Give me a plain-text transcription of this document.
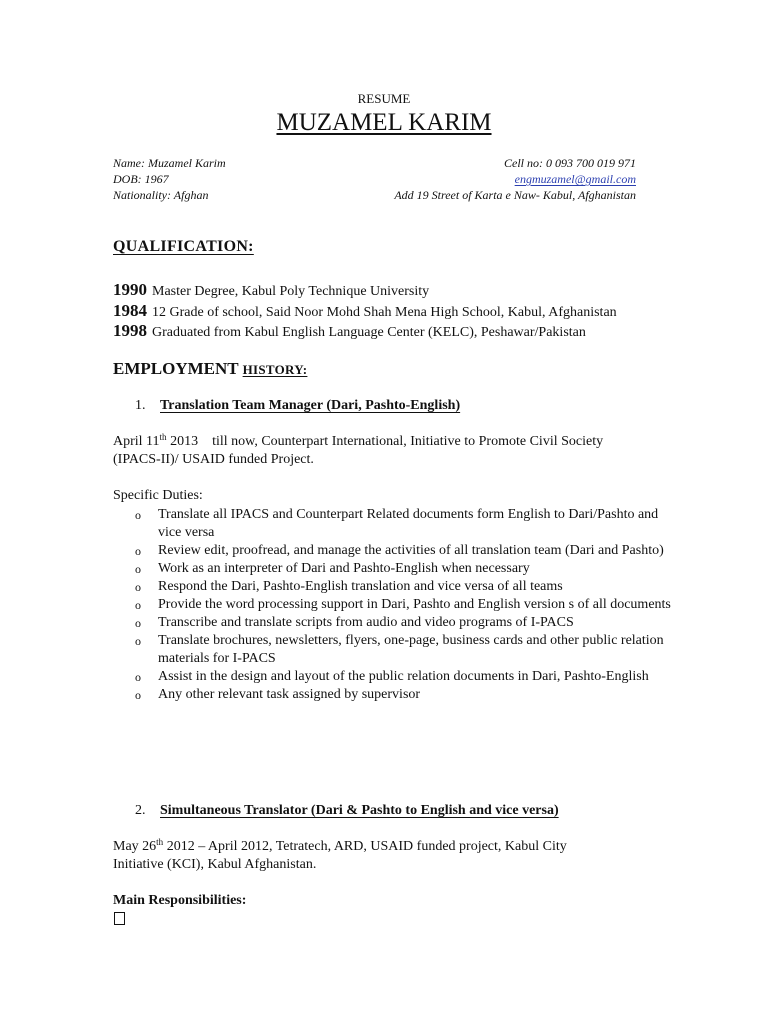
RESUME
MUZAMEL KARIM
Name: Muzamel Karim
DOB: 1967
Nationality: Afghan
Cell no: 0 093 700 019 971
engmuzamel@gmail.com
Add 19 Street of Karta e Naw- Kabul, Afghanistan
QUALIFICATION:
1990 Master Degree, Kabul Poly Technique University
1984 12 Grade of school, Said Noor Mohd Shah Mena High School, Kabul, Afghanistan
1998 Graduated from Kabul English Language Center (KELC), Peshawar/Pakistan
EMPLOYMENT HISTORY:
1. Translation Team Manager (Dari, Pashto-English)
April 11th 2013    till now, Counterpart International, Initiative to Promote Civil Society
(IPACS-II)/ USAID funded Project.
Specific Duties:
o Translate all IPACS and Counterpart Related documents form English to Dari/Pashto and vice versa
o Review edit, proofread, and manage the activities of all translation team (Dari and Pashto)
o Work as an interpreter of Dari and Pashto-English when necessary
o Respond the Dari, Pashto-English translation and vice versa of all teams
o Provide the word processing support in Dari, Pashto and English version s of all documents
o Transcribe and translate scripts from audio and video programs of I-PACS
o Translate brochures, newsletters, flyers, one-page, business cards and other public relation materials for I-PACS
o Assist in the design and layout of the public relation documents in Dari, Pashto-English
o Any other relevant task assigned by supervisor
2. Simultaneous Translator (Dari & Pashto to English and vice versa)
May 26th 2012 – April 2012, Tetratech, ARD, USAID funded project, Kabul City
Initiative (KCI), Kabul Afghanistan.
Main Responsibilities:
